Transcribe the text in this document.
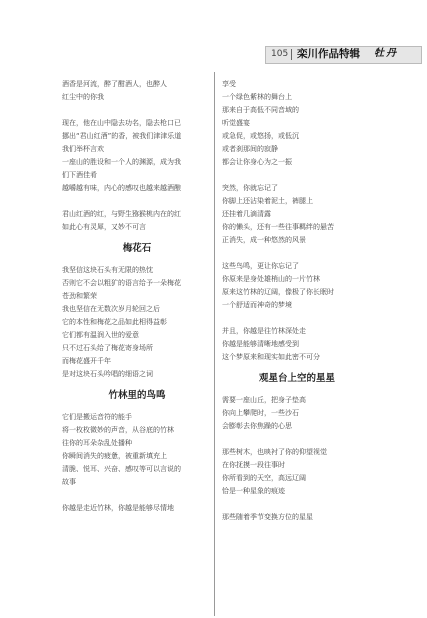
105 栾川作品特辑 牡丹
酒香是河流，醉了酣酒人，也醉人
红尘中的你我
现在，他在山中隐去功名，隐去枪口已
挪出“君山红酒”的香，被我们津津乐道
我们举杯言欢
一座山的胜设和一个人的渊源，成为我
们下酒佳肴
越嚼越有味，内心的感叹也越来越酒酿
君山红酒的红，与野生猕猴桃内在的红
如此心有灵犀，又妙不可言
梅花石
我坚信这块石头有无限的热忱
否则它不会以粗犷的语言给予一朵梅花
苍劲和繁荣
我也坚信在无数次岁月轮回之后
它的本性和梅花之品如此相得益彰
它们都有温润入世的爱意
只不过石头给了梅花寄身场所
而梅花盛开千年
是对这块石头吟唱的细语之词
竹林里的鸟鸣
它们是搬运音符的能手
将一枚枚微妙的声音，从谷底的竹林
往你的耳朵杂乱处播种
你瞬间消失的疲惫，被重新填充上
清脆、悦耳、兴奋、感叹等可以言说的
故事
你越是走近竹林，你越是能够尽情地
享受
一个绿色紫林的舞台上
那来自于高低不同音域的
听觉盛宴
或急促，或悠扬，或低沉
或者刹那间的寂静
都会让你身心为之一振
突然，你就忘记了
你脚上还沾染着泥土，裤腿上
还挂着几滴清露
你的懒头，还有一些往事羁绊的悬苦
正消失，成一种悠然的风景
这些鸟鸣，更让你忘记了
你原来是身处雄梢山的一片竹林
原来这竹林的辽阔，像极了你长眠时
一个舒适而神奇的梦境
并且，你越是往竹林深处走
你越是能够清晰地感受到
这个梦原来和现实如此密不可分
观星台上空的星星
需要一座山丘，把身子垫高
你向上攀爬时，一些沙石
会膨彰去你焦躁的心思
那些树木，也映衬了你的仰望视觉
在你抚摸一段往事时
你所看到的天空，高远辽阔
恰是一种星象的痕迹
那些随着季节变换方位的星星
